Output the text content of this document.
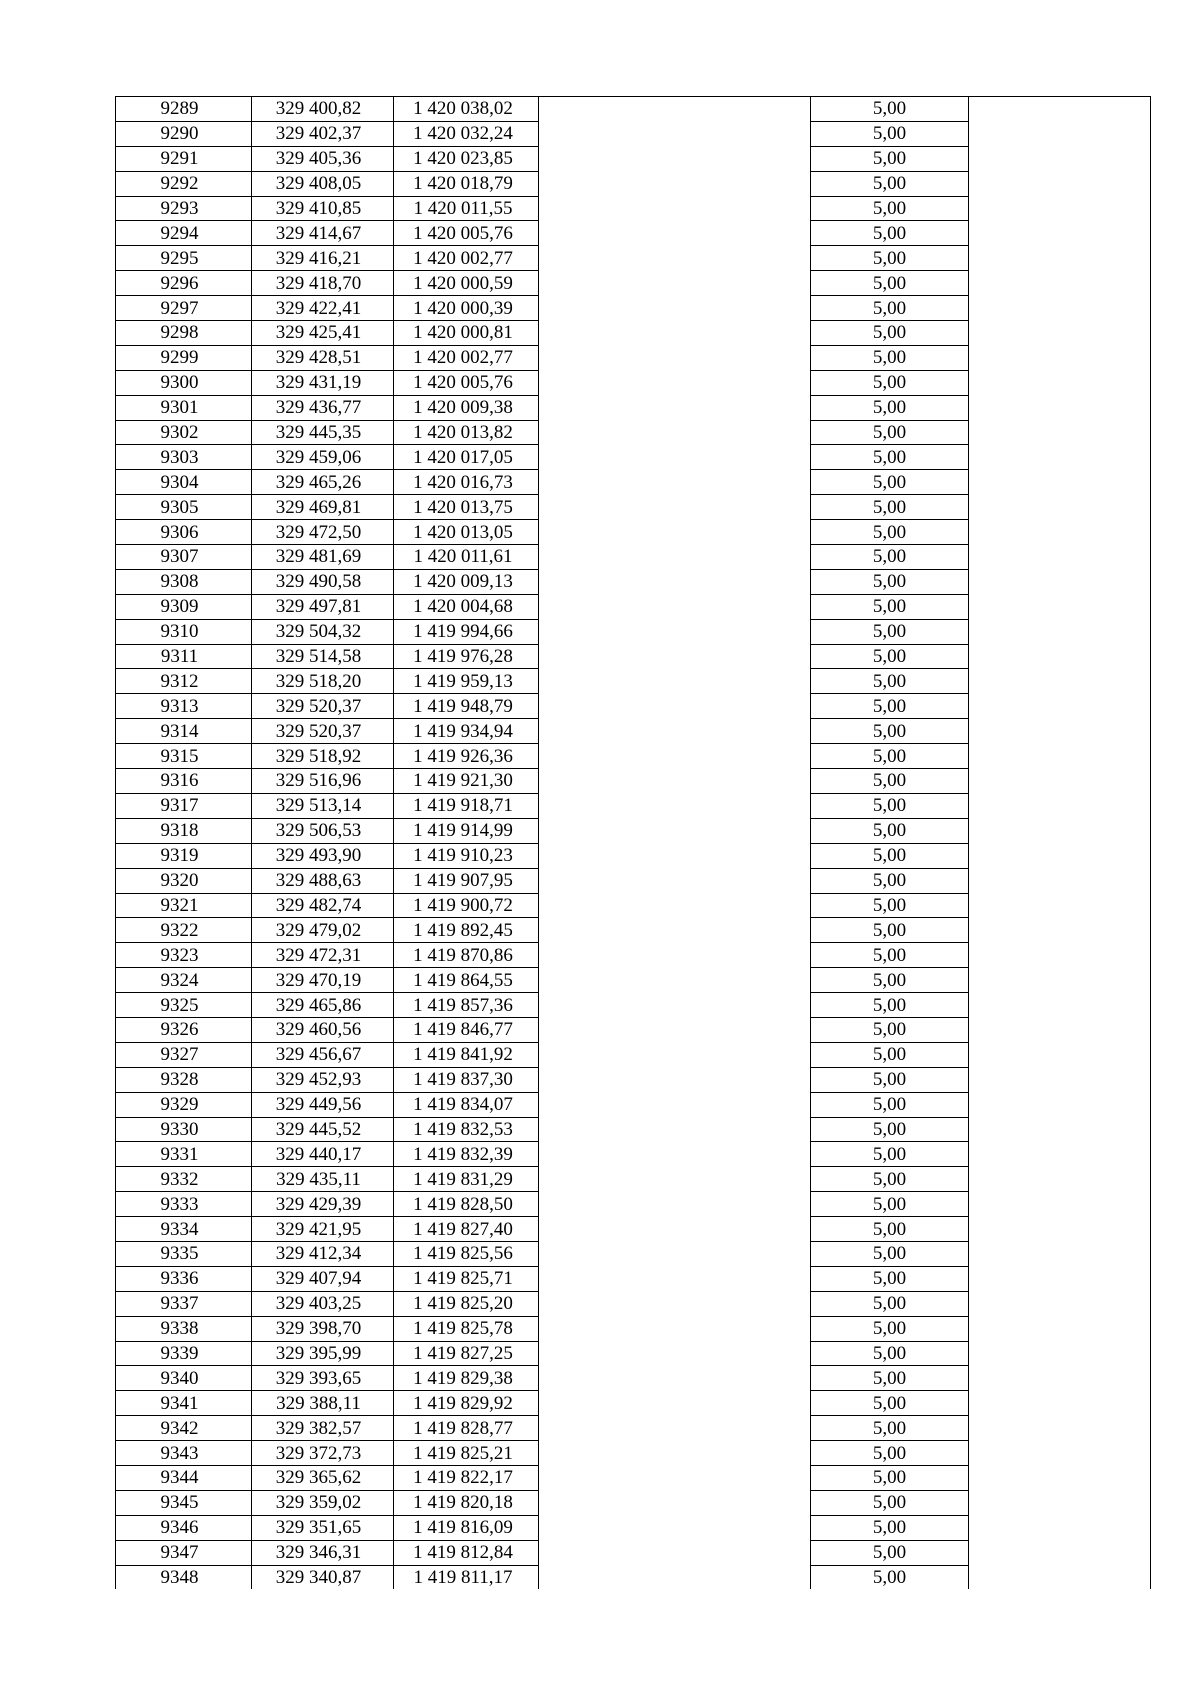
9289	329 400,82	1 420 038,02		5,00	
9290	329 402,37	1 420 032,24		5,00	
9291	329 405,36	1 420 023,85		5,00	
9292	329 408,05	1 420 018,79		5,00	
9293	329 410,85	1 420 011,55		5,00	
9294	329 414,67	1 420 005,76		5,00	
9295	329 416,21	1 420 002,77		5,00	
9296	329 418,70	1 420 000,59		5,00	
9297	329 422,41	1 420 000,39		5,00	
9298	329 425,41	1 420 000,81		5,00	
9299	329 428,51	1 420 002,77		5,00	
9300	329 431,19	1 420 005,76		5,00	
9301	329 436,77	1 420 009,38		5,00	
9302	329 445,35	1 420 013,82		5,00	
9303	329 459,06	1 420 017,05		5,00	
9304	329 465,26	1 420 016,73		5,00	
9305	329 469,81	1 420 013,75		5,00	
9306	329 472,50	1 420 013,05		5,00	
9307	329 481,69	1 420 011,61		5,00	
9308	329 490,58	1 420 009,13		5,00	
9309	329 497,81	1 420 004,68		5,00	
9310	329 504,32	1 419 994,66		5,00	
9311	329 514,58	1 419 976,28		5,00	
9312	329 518,20	1 419 959,13		5,00	
9313	329 520,37	1 419 948,79		5,00	
9314	329 520,37	1 419 934,94		5,00	
9315	329 518,92	1 419 926,36		5,00	
9316	329 516,96	1 419 921,30		5,00	
9317	329 513,14	1 419 918,71		5,00	
9318	329 506,53	1 419 914,99		5,00	
9319	329 493,90	1 419 910,23		5,00	
9320	329 488,63	1 419 907,95		5,00	
9321	329 482,74	1 419 900,72		5,00	
9322	329 479,02	1 419 892,45		5,00	
9323	329 472,31	1 419 870,86		5,00	
9324	329 470,19	1 419 864,55		5,00	
9325	329 465,86	1 419 857,36		5,00	
9326	329 460,56	1 419 846,77		5,00	
9327	329 456,67	1 419 841,92		5,00	
9328	329 452,93	1 419 837,30		5,00	
9329	329 449,56	1 419 834,07		5,00	
9330	329 445,52	1 419 832,53		5,00	
9331	329 440,17	1 419 832,39		5,00	
9332	329 435,11	1 419 831,29		5,00	
9333	329 429,39	1 419 828,50		5,00	
9334	329 421,95	1 419 827,40		5,00	
9335	329 412,34	1 419 825,56		5,00	
9336	329 407,94	1 419 825,71		5,00	
9337	329 403,25	1 419 825,20		5,00	
9338	329 398,70	1 419 825,78		5,00	
9339	329 395,99	1 419 827,25		5,00	
9340	329 393,65	1 419 829,38		5,00	
9341	329 388,11	1 419 829,92		5,00	
9342	329 382,57	1 419 828,77		5,00	
9343	329 372,73	1 419 825,21		5,00	
9344	329 365,62	1 419 822,17		5,00	
9345	329 359,02	1 419 820,18		5,00	
9346	329 351,65	1 419 816,09		5,00	
9347	329 346,31	1 419 812,84		5,00	
9348	329 340,87	1 419 811,17		5,00	
